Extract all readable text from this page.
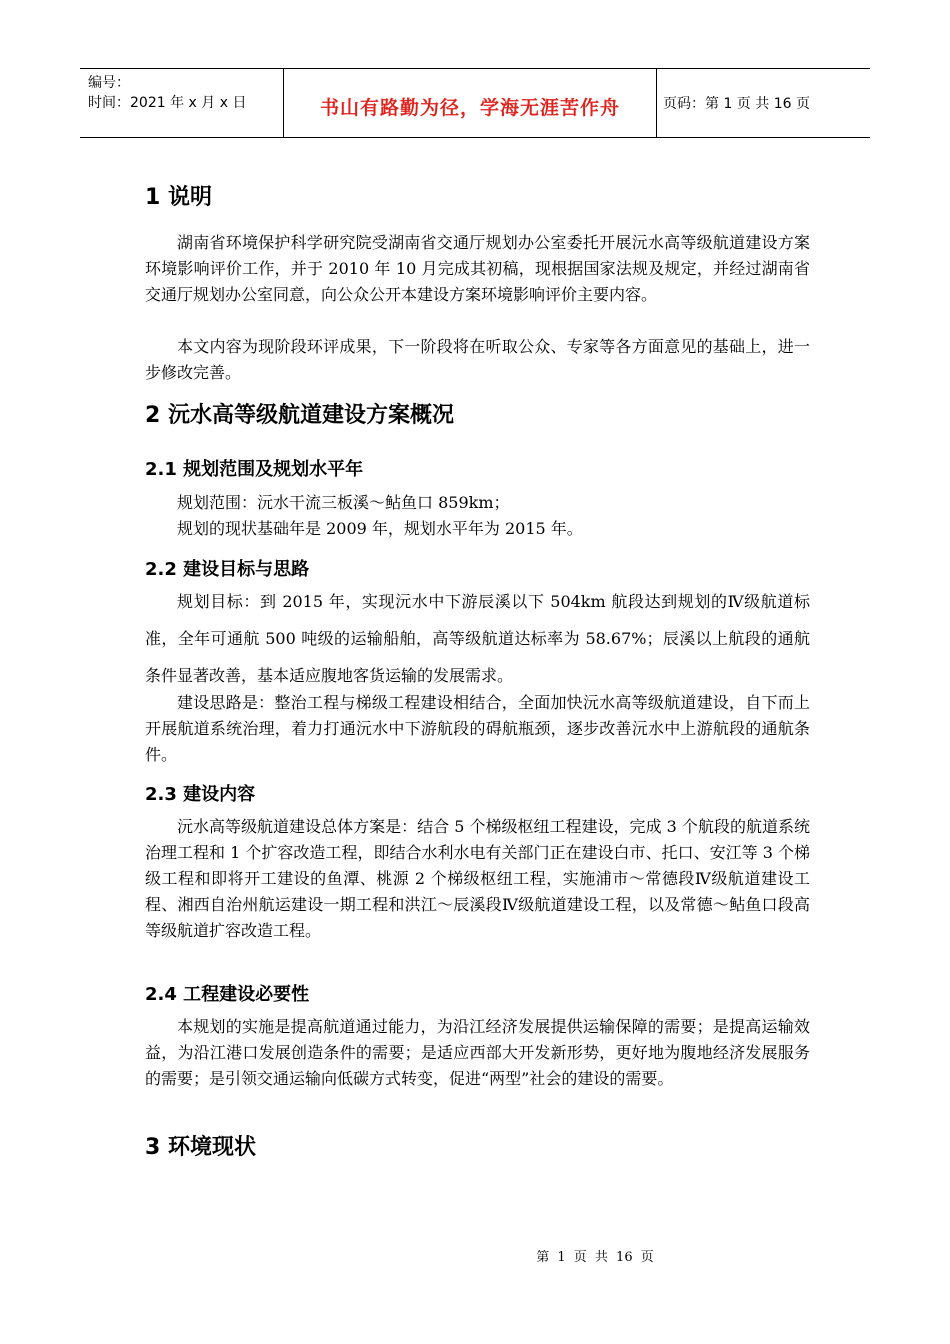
编号：
时间：2021 年 x 月 x 日	书山有路勤为径，学海无涯苦作舟	页码：第 1 页 共 16 页
1 说明

湖南省环境保护科学研究院受湖南省交通厅规划办公室委托开展沅水高等级航道建设方案环境影响评价工作，并于 2010 年 10 月完成其初稿，现根据国家法规及规定，并经过湖南省交通厅规划办公室同意，向公众公开本建设方案环境影响评价主要内容。

本文内容为现阶段环评成果，下一阶段将在听取公众、专家等各方面意见的基础上，进一步修改完善。

2 沅水高等级航道建设方案概况
2.1 规划范围及规划水平年

规划范围：沅水干流三板溪～鲇鱼口 859km；

规划的现状基础年是 2009 年，规划水平年为 2015 年。

2.2 建设目标与思路

规划目标：到 2015 年，实现沅水中下游辰溪以下 504km 航段达到规划的Ⅳ级航道标准，全年可通航 500 吨级的运输船舶，高等级航道达标率为 58.67%；辰溪以上航段的通航条件显著改善，基本适应腹地客货运输的发展需求。

建设思路是：整治工程与梯级工程建设相结合，全面加快沅水高等级航道建设，自下而上开展航道系统治理，着力打通沅水中下游航段的碍航瓶颈，逐步改善沅水中上游航段的通航条件。

2.3 建设内容

沅水高等级航道建设总体方案是：结合 5 个梯级枢纽工程建设，完成 3 个航段的航道系统治理工程和 1 个扩容改造工程，即结合水利水电有关部门正在建设白市、托口、安江等 3 个梯级工程和即将开工建设的鱼潭、桃源 2 个梯级枢纽工程，实施浦市～常德段Ⅳ级航道建设工程、湘西自治州航运建设一期工程和洪江～辰溪段Ⅳ级航道建设工程，以及常德～鲇鱼口段高等级航道扩容改造工程。

2.4 工程建设必要性

本规划的实施是提高航道通过能力，为沿江经济发展提供运输保障的需要；是提高运输效益，为沿江港口发展创造条件的需要；是适应西部大开发新形势，更好地为腹地经济发展服务的需要；是引领交通运输向低碳方式转变，促进“两型”社会的建设的需要。

3 环境现状
第 1 页 共 16 页
